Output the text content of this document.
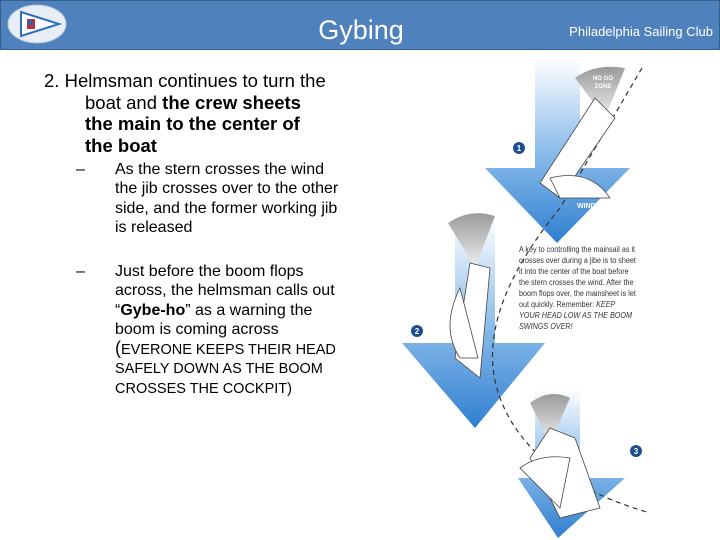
Gybing	Philadelphia Sailing Club
2. Helmsman continues to turn the
boat and the crew sheets
the main to the center of
the boat
– As the stern crosses the wind the jib crosses over to the other side, and the former working jib is released
– Just before the boom flops across, the helmsman calls out “Gybe-ho” as a warning the boom is coming across
(EVERONE KEEPS THEIR HEAD SAFELY DOWN AS THE BOOM CROSSES THE COCKPIT)
NO GO
ZONE
WIND
1
2
3
A key to controlling the mainsail as it crosses over during a jibe is to sheet it into the center of the boat before the stern crosses the wind. After the boom flops over, the mainsheet is let out quickly. Remember: KEEP YOUR HEAD LOW AS THE BOOM SWINGS OVER!
